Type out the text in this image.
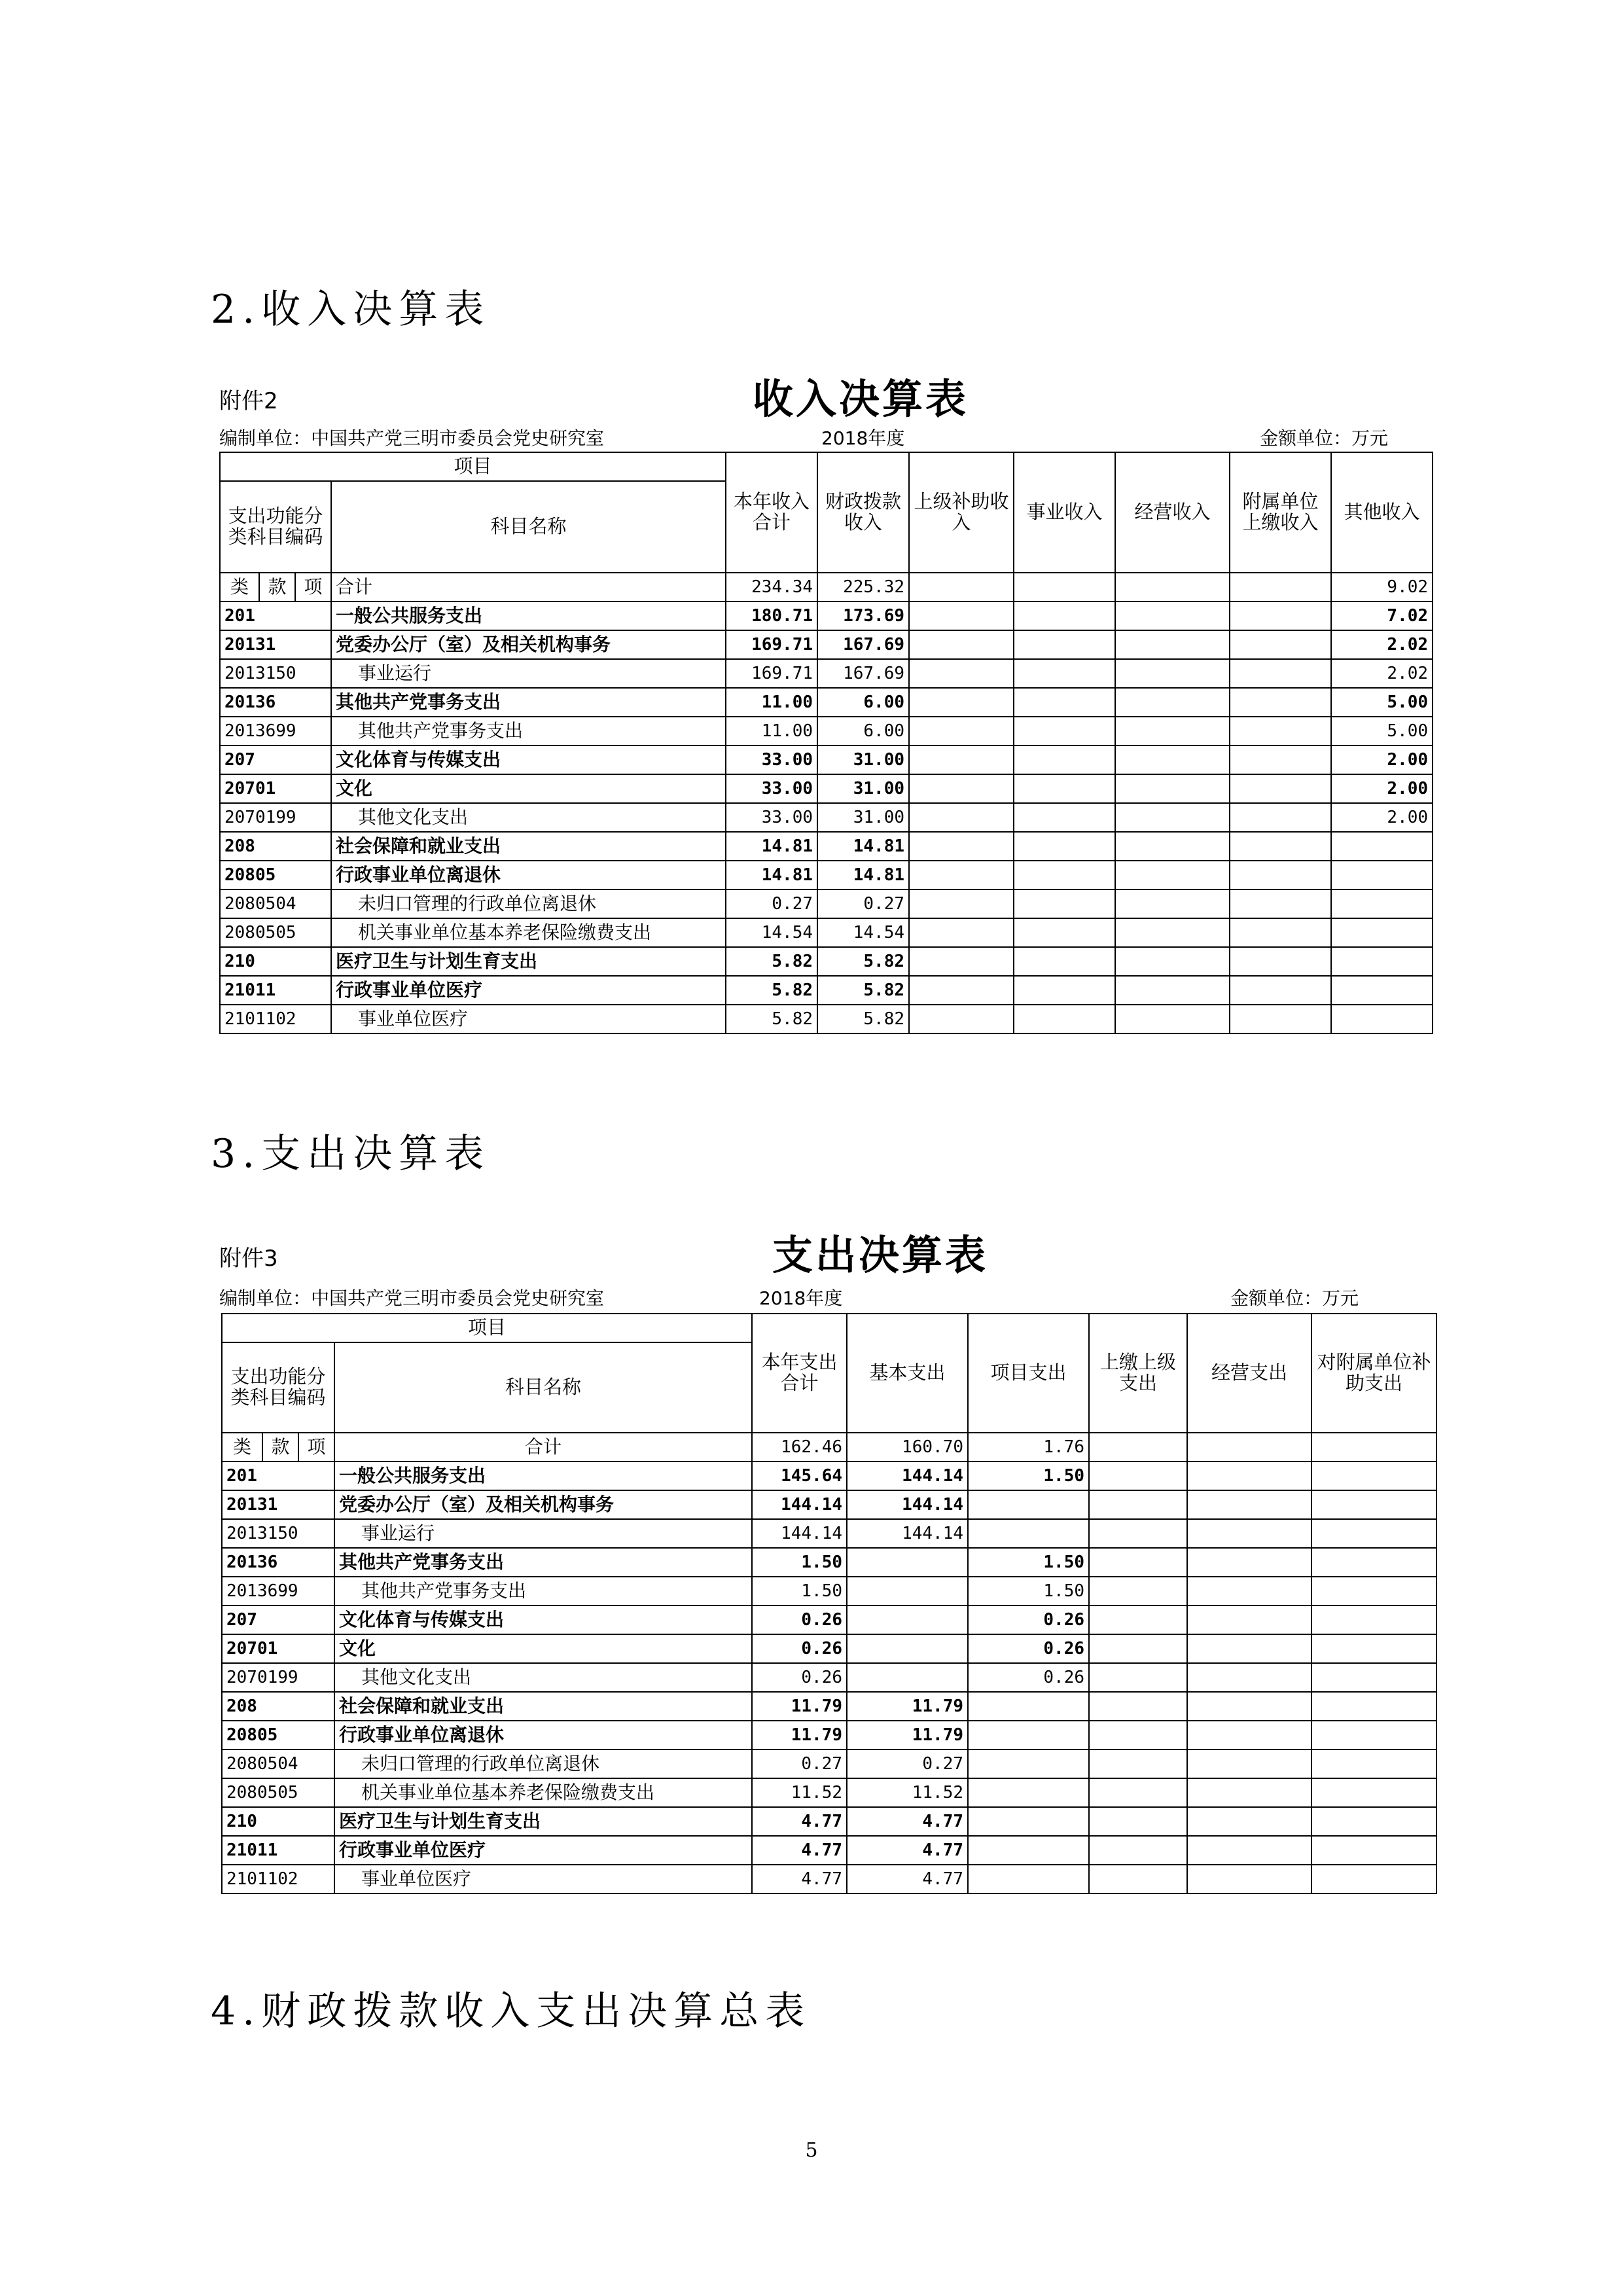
2.收入决算表
附件2	收入决算表
编制单位：中国共产党三明市委员会党史研究室	2018年度	金额单位：万元
项目				本年收入合计	财政拨款收入	上级补助收入	事业收入	经营收入	附属单位上缴收入	其他收入
支出功能分类科目编码			科目名称							
类	款	项	合计	234.34	225.32					9.02
201			一般公共服务支出	180.71	173.69					7.02
20131			党委办公厅（室）及相关机构事务	169.71	167.69					2.02
2013150			事业运行	169.71	167.69					2.02
20136			其他共产党事务支出	11.00	6.00					5.00
2013699			其他共产党事务支出	11.00	6.00					5.00
207			文化体育与传媒支出	33.00	31.00					2.00
20701			文化	33.00	31.00					2.00
2070199			其他文化支出	33.00	31.00					2.00
208			社会保障和就业支出	14.81	14.81					
20805			行政事业单位离退休	14.81	14.81					
2080504			未归口管理的行政单位离退休	0.27	0.27					
2080505			机关事业单位基本养老保险缴费支出	14.54	14.54					
210			医疗卫生与计划生育支出	5.82	5.82					
21011			行政事业单位医疗	5.82	5.82					
2101102			事业单位医疗	5.82	5.82					
3.支出决算表
附件3	支出决算表
编制单位：中国共产党三明市委员会党史研究室	2018年度	金额单位：万元
项目				本年支出合计	基本支出	项目支出	上缴上级支出	经营支出	对附属单位补助支出
支出功能分类科目编码			科目名称						
类	款	项	合计	162.46	160.70	1.76			
201			一般公共服务支出	145.64	144.14	1.50			
20131			党委办公厅（室）及相关机构事务	144.14	144.14				
2013150			事业运行	144.14	144.14				
20136			其他共产党事务支出	1.50		1.50			
2013699			其他共产党事务支出	1.50		1.50			
207			文化体育与传媒支出	0.26		0.26			
20701			文化	0.26		0.26			
2070199			其他文化支出	0.26		0.26			
208			社会保障和就业支出	11.79	11.79				
20805			行政事业单位离退休	11.79	11.79				
2080504			未归口管理的行政单位离退休	0.27	0.27				
2080505			机关事业单位基本养老保险缴费支出	11.52	11.52				
210			医疗卫生与计划生育支出	4.77	4.77				
21011			行政事业单位医疗	4.77	4.77				
2101102			事业单位医疗	4.77	4.77				
4.财政拨款收入支出决算总表
5
